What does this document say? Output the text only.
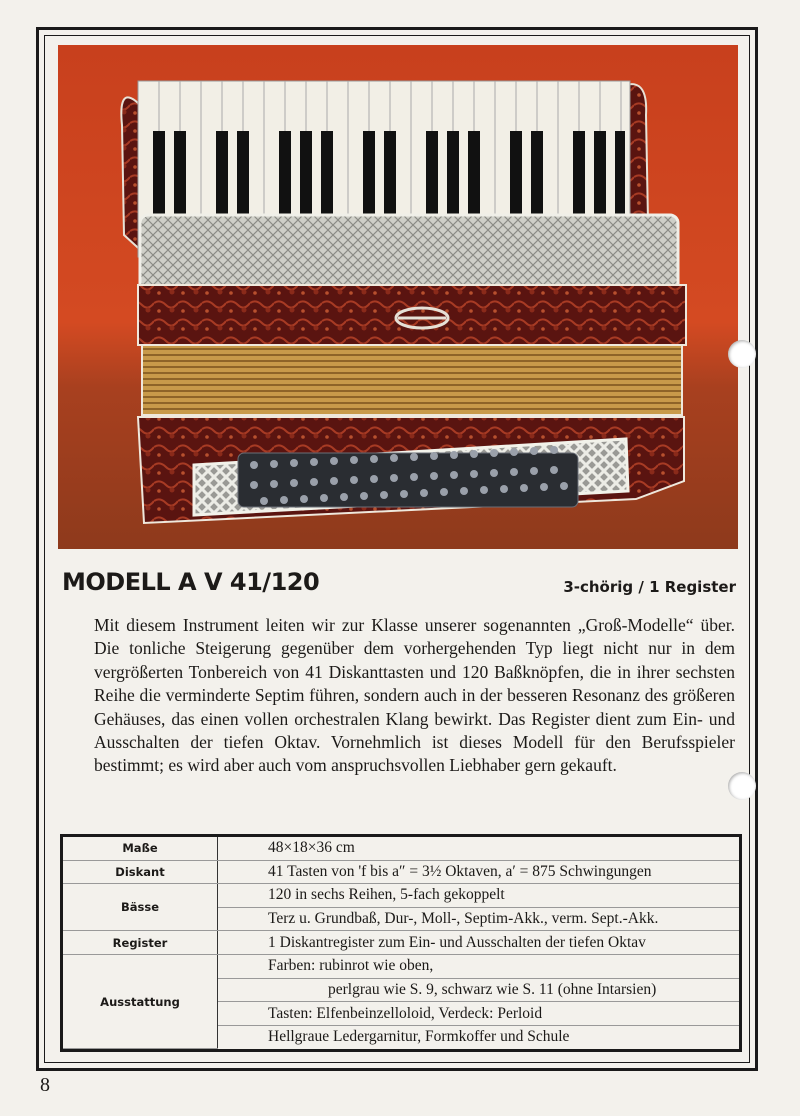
MODELL A V 41/120	3-chörig / 1 Register
Mit diesem Instrument leiten wir zur Klasse unserer sogenannten „Groß-Modelle“ über. Die tonliche Steigerung gegenüber dem vorhergehenden Typ liegt nicht nur in dem vergrößerten Tonbereich von 41 Diskanttasten und 120 Baßknöpfen, die in ihrer sechsten Reihe die verminderte Septim führen, sondern auch in der besseren Resonanz des größeren Gehäuses, das einen vollen orchestralen Klang bewirkt. Das Register dient zum Ein- und Ausschalten der tiefen Oktav. Vornehmlich ist dieses Modell für den Berufsspieler bestimmt; es wird aber auch vom anspruchsvollen Liebhaber gern gekauft.
Maße	48×18×36 cm
Diskant	41 Tasten von 'f bis a″ = 3½ Oktaven, a′ = 875 Schwingungen
Bässe	120 in sechs Reihen, 5-fach gekoppelt
	Terz u. Grundbaß, Dur-, Moll-, Septim-Akk., verm. Sept.-Akk.
Register	1 Diskantregister zum Ein- und Ausschalten der tiefen Oktav
Ausstattung	Farben: rubinrot wie oben,
	perlgrau wie S. 9, schwarz wie S. 11 (ohne Intarsien)
	Tasten: Elfenbeinzelloloid, Verdeck: Perloid
	Hellgraue Ledergarnitur, Formkoffer und Schule
8
